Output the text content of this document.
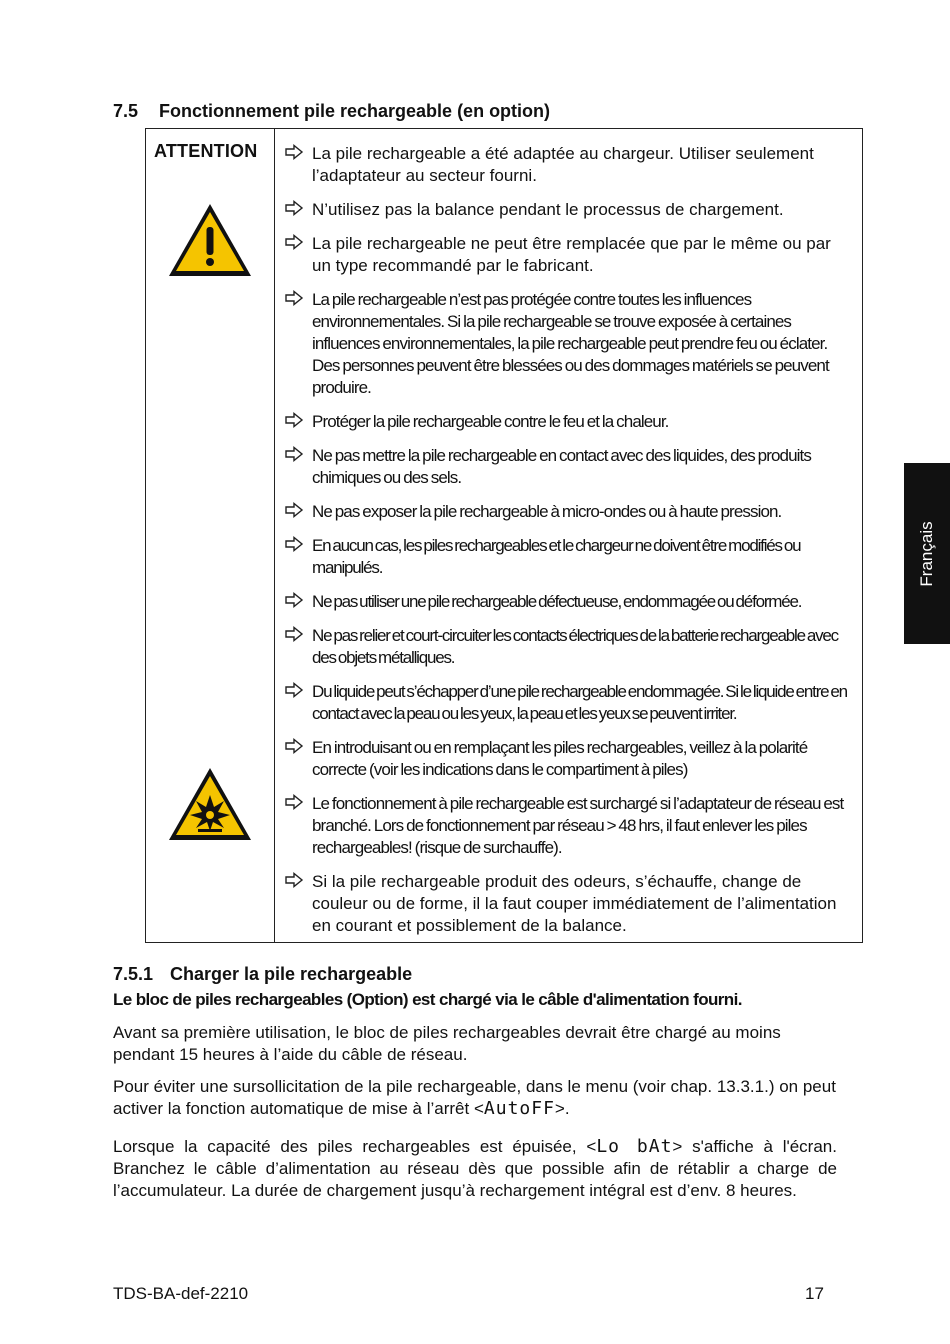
7.5 Fonctionnement pile rechargeable (en option)
ATTENTION	La pile rechargeable a été adaptée au chargeur. Utiliser seulement l’adaptateur au secteur fourni.
N’utilisez pas la balance pendant le processus de chargement.
La pile rechargeable ne peut être remplacée que par le même ou par un type recommandé par le fabricant.
La pile rechargeable n’est pas protégée contre toutes les influences environnementales. Si la pile rechargeable se trouve exposée à certaines influences environnementales, la pile rechargeable peut prendre feu ou éclater. Des personnes peuvent être blessées ou des dommages matériels se peuvent produire.
Protéger la pile rechargeable contre le feu et la chaleur.
Ne pas mettre la pile rechargeable en contact avec des liquides, des produits chimiques ou des sels.
Ne pas exposer la pile rechargeable à micro-ondes ou à haute pression.
En aucun cas, les piles rechargeables et le chargeur ne doivent être modifiés ou manipulés.
Ne pas utiliser une pile rechargeable défectueuse, endommagée ou déformée.
Ne pas relier et court-circuiter les contacts électriques de la batterie rechargeable avec des objets métalliques.
Du liquide peut s’échapper d’une pile rechargeable endommagée. Si le liquide entre en contact avec la peau ou les yeux, la peau et les yeux se peuvent irriter.
En introduisant ou en remplaçant les piles rechargeables, veillez à la polarité correcte (voir les indications dans le compartiment à piles)
Le fonctionnement à pile rechargeable est surchargé si l’adaptateur de réseau est branché. Lors de fonctionnement par réseau > 48 hrs, il faut enlever les piles rechargeables! (risque de surchauffe).
Si la pile rechargeable produit des odeurs, s’échauffe, change de couleur ou de forme, il la faut couper immédiatement de l’alimentation en courant et possiblement de la balance.
7.5.1 Charger la pile rechargeable
Le bloc de piles rechargeables (Option) est chargé via le câble d'alimentation fourni.
Avant sa première utilisation, le bloc de piles rechargeables devrait être chargé au moins pendant 15 heures à l’aide du câble de réseau.
Pour éviter une sursollicitation de la pile rechargeable, dans le menu (voir chap. 13.3.1.) on peut activer la fonction automatique de mise à l’arrêt <AutoFF>.
Lorsque la capacité des piles rechargeables est épuisée, <Lo bAt> s'affiche à l'écran. Branchez le câble d’alimentation au réseau dès que possible afin de rétablir a charge de l’accumulateur. La durée de chargement jusqu’à rechargement intégral est d’env. 8 heures.
TDS-BA-def-2210	17
Français
